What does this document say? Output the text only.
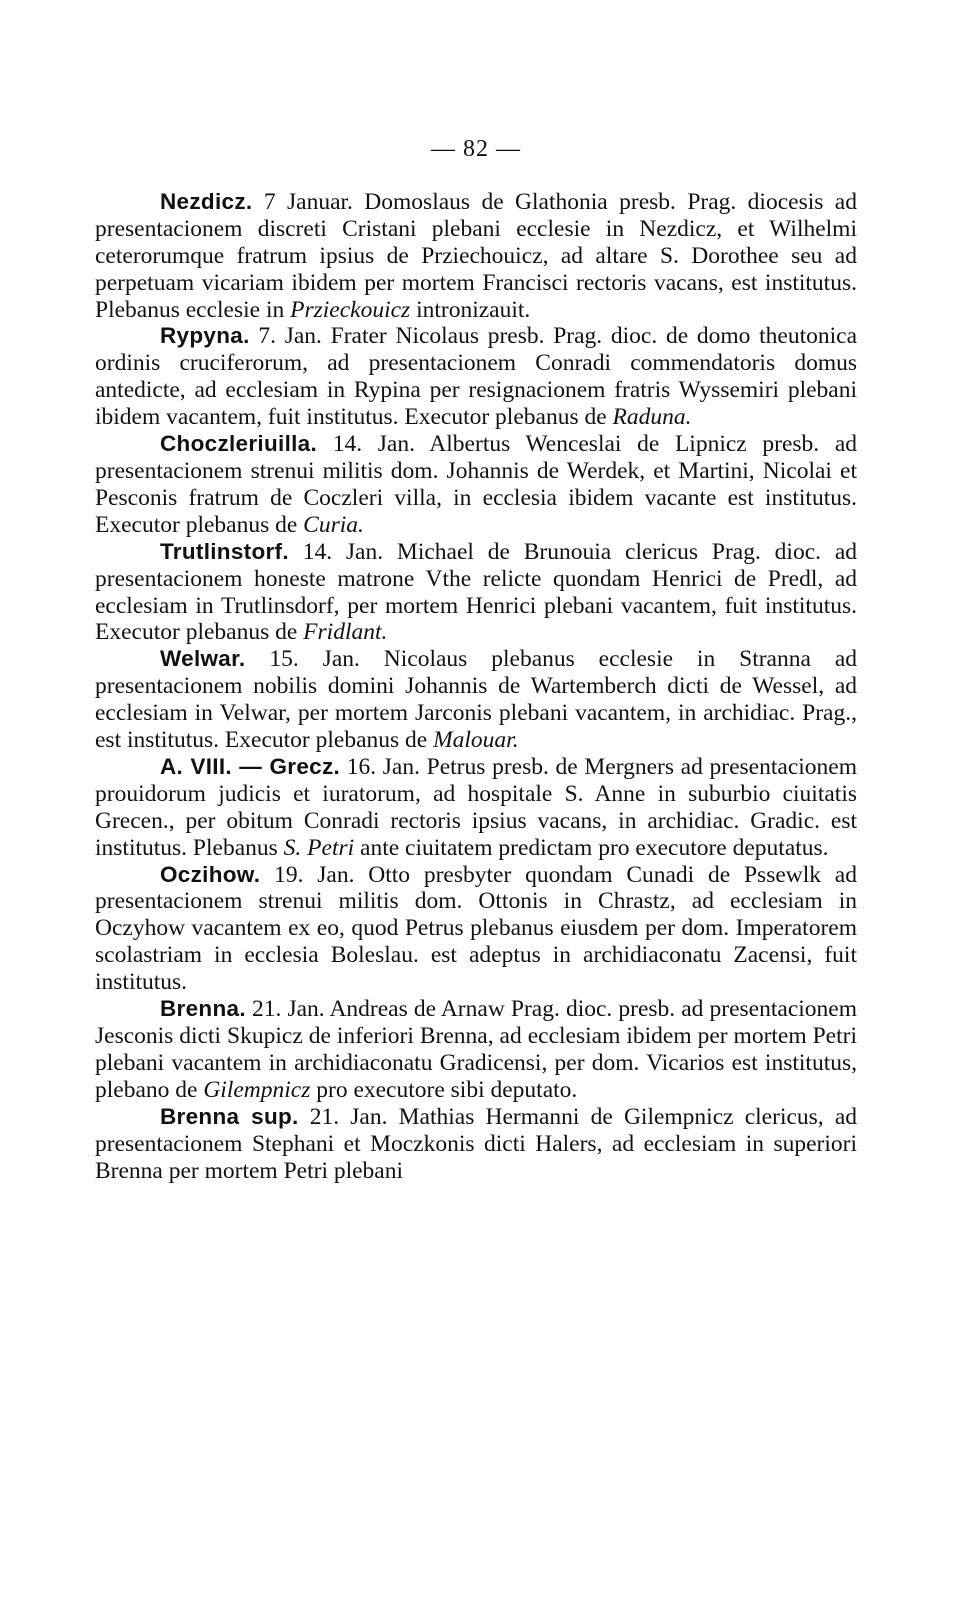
— 82 —

Nezdicz. 7 Januar. Domoslaus de Glathonia presb. Prag. diocesis ad presentacionem discreti Cristani plebani ecclesie in Nezdicz, et Wilhelmi ceterorumque fratrum ipsius de Prziechouicz, ad altare S. Dorothee seu ad perpetuam vicariam ibidem per mortem Francisci rectoris vacans, est institutus. Plebanus ecclesie in Przieckouicz intronizauit.

Rypyna. 7. Jan. Frater Nicolaus presb. Prag. dioc. de domo theutonica ordinis cruciferorum, ad presentacionem Conradi commendatoris domus antedicte, ad ecclesiam in Rypina per resignacionem fratris Wyssemiri plebani ibidem vacantem, fuit institutus. Executor plebanus de Raduna.

Choczleriuilla. 14. Jan. Albertus Wenceslai de Lipnicz presb. ad presentacionem strenui militis dom. Johannis de Werdek, et Martini, Nicolai et Pesconis fratrum de Coczleri villa, in ecclesia ibidem vacante est institutus. Executor plebanus de Curia.

Trutlinstorf. 14. Jan. Michael de Brunouia clericus Prag. dioc. ad presentacionem honeste matrone Vthe relicte quondam Henrici de Predl, ad ecclesiam in Trutlinsdorf, per mortem Henrici plebani vacantem, fuit institutus. Executor plebanus de Fridlant.

Welwar. 15. Jan. Nicolaus plebanus ecclesie in Stranna ad presentacionem nobilis domini Johannis de Wartemberch dicti de Wessel, ad ecclesiam in Velwar, per mortem Jarconis plebani vacantem, in archidiac. Prag., est institutus. Executor plebanus de Malouar.

A. VIII. — Grecz. 16. Jan. Petrus presb. de Mergners ad presentacionem prouidorum judicis et iuratorum, ad hospitale S. Anne in suburbio ciuitatis Grecen., per obitum Conradi rectoris ipsius vacans, in archidiac. Gradic. est institutus. Plebanus S. Petri ante ciuitatem predictam pro executore deputatus.

Oczihow. 19. Jan. Otto presbyter quondam Cunadi de Pssewlk ad presentacionem strenui militis dom. Ottonis in Chrastz, ad ecclesiam in Oczyhow vacantem ex eo, quod Petrus plebanus eiusdem per dom. Imperatorem scolastriam in ecclesia Boleslau. est adeptus in archidiaconatu Zacensi, fuit institutus.

Brenna. 21. Jan. Andreas de Arnaw Prag. dioc. presb. ad presentacionem Jesconis dicti Skupicz de inferiori Brenna, ad ecclesiam ibidem per mortem Petri plebani vacantem in archidiaconatu Gradicensi, per dom. Vicarios est institutus, plebano de Gilempnicz pro executore sibi deputato.

Brenna sup. 21. Jan. Mathias Hermanni de Gilempnicz clericus, ad presentacionem Stephani et Moczkonis dicti Halers, ad ecclesiam in superiori Brenna per mortem Petri plebani
